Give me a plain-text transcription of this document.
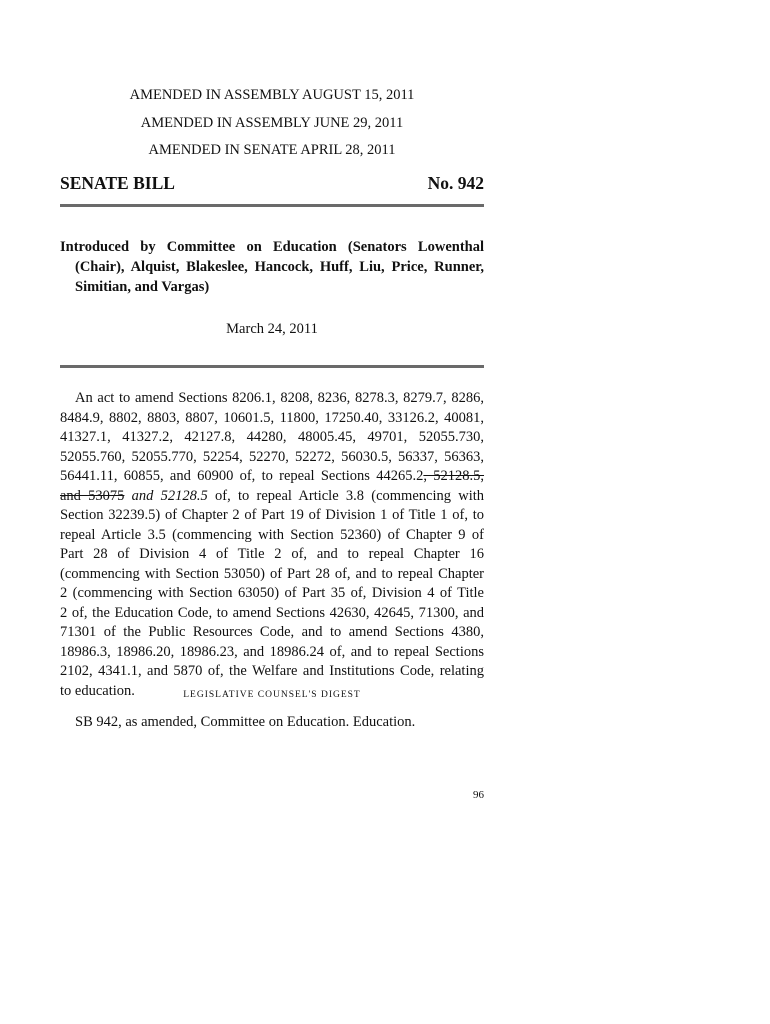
AMENDED IN ASSEMBLY AUGUST 15, 2011
AMENDED IN ASSEMBLY JUNE 29, 2011
AMENDED IN SENATE APRIL 28, 2011
SENATE BILL	No. 942
Introduced by Committee on Education (Senators Lowenthal
(Chair), Alquist, Blakeslee, Hancock, Huff, Liu, Price, Runner,
Simitian, and Vargas)
March 24, 2011
An act to amend Sections 8206.1, 8208, 8236, 8278.3, 8279.7, 8286,
8484.9, 8802, 8803, 8807, 10601.5, 11800, 17250.40, 33126.2, 40081,
41327.1, 41327.2, 42127.8, 44280, 48005.45, 49701, 52055.730,
52055.760, 52055.770, 52254, 52270, 52272, 56030.5, 56337, 56363,
56441.11, 60855, and 60900 of, to repeal Sections 44265.2, 52128.5,
and 53075 and 52128.5 of, to repeal Article 3.8 (commencing with
Section 32239.5) of Chapter 2 of Part 19 of Division 1 of Title 1 of, to
repeal Article 3.5 (commencing with Section 52360) of Chapter 9 of
Part 28 of Division 4 of Title 2 of, and to repeal Chapter 16
(commencing with Section 53050) of Part 28 of, and to repeal Chapter
2 (commencing with Section 63050) of Part 35 of, Division 4 of Title
2 of, the Education Code, to amend Sections 42630, 42645, 71300, and
71301 of the Public Resources Code, and to amend Sections 4380,
18986.3, 18986.20, 18986.23, and 18986.24 of, and to repeal Sections
2102, 4341.1, and 5870 of, the Welfare and Institutions Code, relating
to education.	LEGISLATIVE COUNSEL'S DIGEST
SB 942, as amended, Committee on Education. Education.
96
